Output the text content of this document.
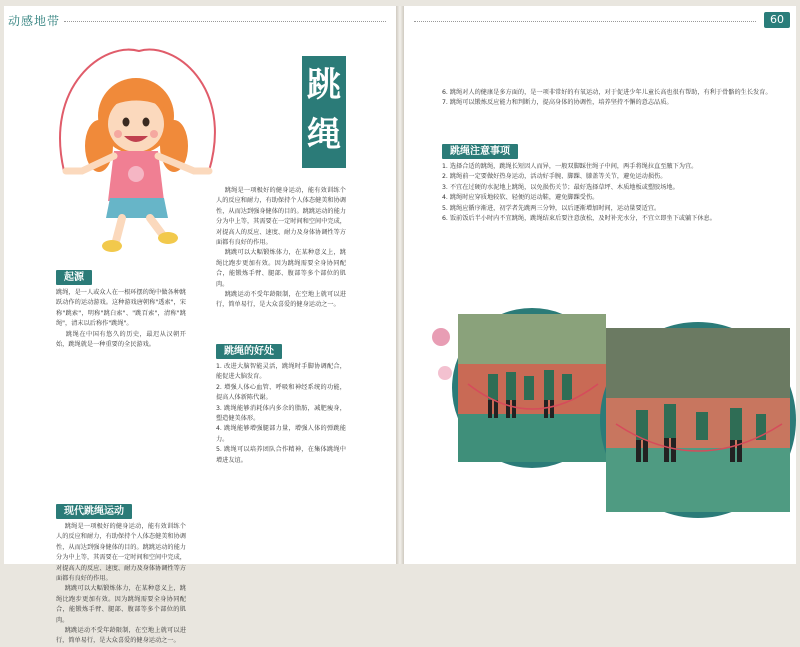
动感地带
跳
绳
起源
跳绳，是一人或众人在一根环摆的绳中做各种跳跃动作的运动游戏。这种游戏唐朝称"透索"，宋称"跳索"，明称"跳白索"、"跳百索"，清称"跳绳"，清末以后称作"跳绳"。
跳绳在中国有悠久的历史，最迟从汉朝开始，跳绳就是一种重要的全民游戏。
现代跳绳运动
跳绳是一项极好的健身运动，能有效训练个人的反应和耐力，有助保持个人体态健美和协调性，从而达到强身健体的目的。跳跳运动的能力分为中上等，其需要在一定时间和空间中完成，对提高人的反应、速度、耐力及身体协调性等方面都有良好的作用。
跳跳可以大幅锻炼体力，在某种意义上，跳绳比跑步更加有效。因为跳绳需要全身协同配合，能锻炼手臂、腿部、腹部等多个部位的肌肉。
跳跳运动不受年龄限制，在空地上就可以进行，简单易行，是大众喜爱的健身运动之一。
跳绳是一项极好的健身运动，能有效训练个人的反应和耐力，有助保持个人体态健美和协调性，从而达到强身健体的目的。跳跳运动的能力分为中上等，其需要在一定时间和空间中完成，对提高人的反应、速度、耐力及身体协调性等方面都有良好的作用。
跳跳可以大幅锻炼体力，在某种意义上，跳绳比跑步更加有效。因为跳绳需要全身协同配合，能锻炼手臂、腿部、腹部等多个部位的肌肉。
跳跳运动不受年龄限制，在空地上就可以进行，简单易行，是大众喜爱的健身运动之一。
跳绳的好处
1. 改进大脑智能灵活，跳绳时手脚协调配合，能促进大脑发育。
2. 增强人体心血管、呼吸和神经系统的功能，提高人体新陈代谢。
3. 跳绳能够消耗体内多余的脂肪，减肥瘦身，塑造健美体形。
4. 跳绳能够增强腿部力量，增强人体的弹跳能力。
5. 跳绳可以培养团队合作精神，在集体跳绳中增进友谊。
60
6. 跳绳对人的健康是多方面的，是一项非常好的有氧运动，对于促进少年儿童长高也很有帮助，有利于骨骼的生长发育。
7. 跳绳可以锻炼反应能力和判断力，提高身体的协调性，培养坚持不懈的意志品质。
跳绳注意事项
1. 选择合适的跳绳，跳绳长短因人而异，一般双脚踩住绳子中间，两手将绳拉直至腋下为宜。
2. 跳绳前一定要做好热身运动，活动好手腕、脚踝、膝盖等关节，避免运动损伤。
3. 不宜在过硬的水泥地上跳绳，以免损伤关节；最好选择草坪、木质地板或塑胶场地。
4. 跳绳时应穿质地较软、轻便的运动鞋，避免脚踝受伤。
5. 跳绳应循序渐进，初学者先跳两三分钟，以后逐渐增加时间，运动量要适宜。
6. 饭前饭后半小时内不宜跳绳，跳绳结束后要注意放松，及时补充水分，不宜立即坐下或躺下休息。
